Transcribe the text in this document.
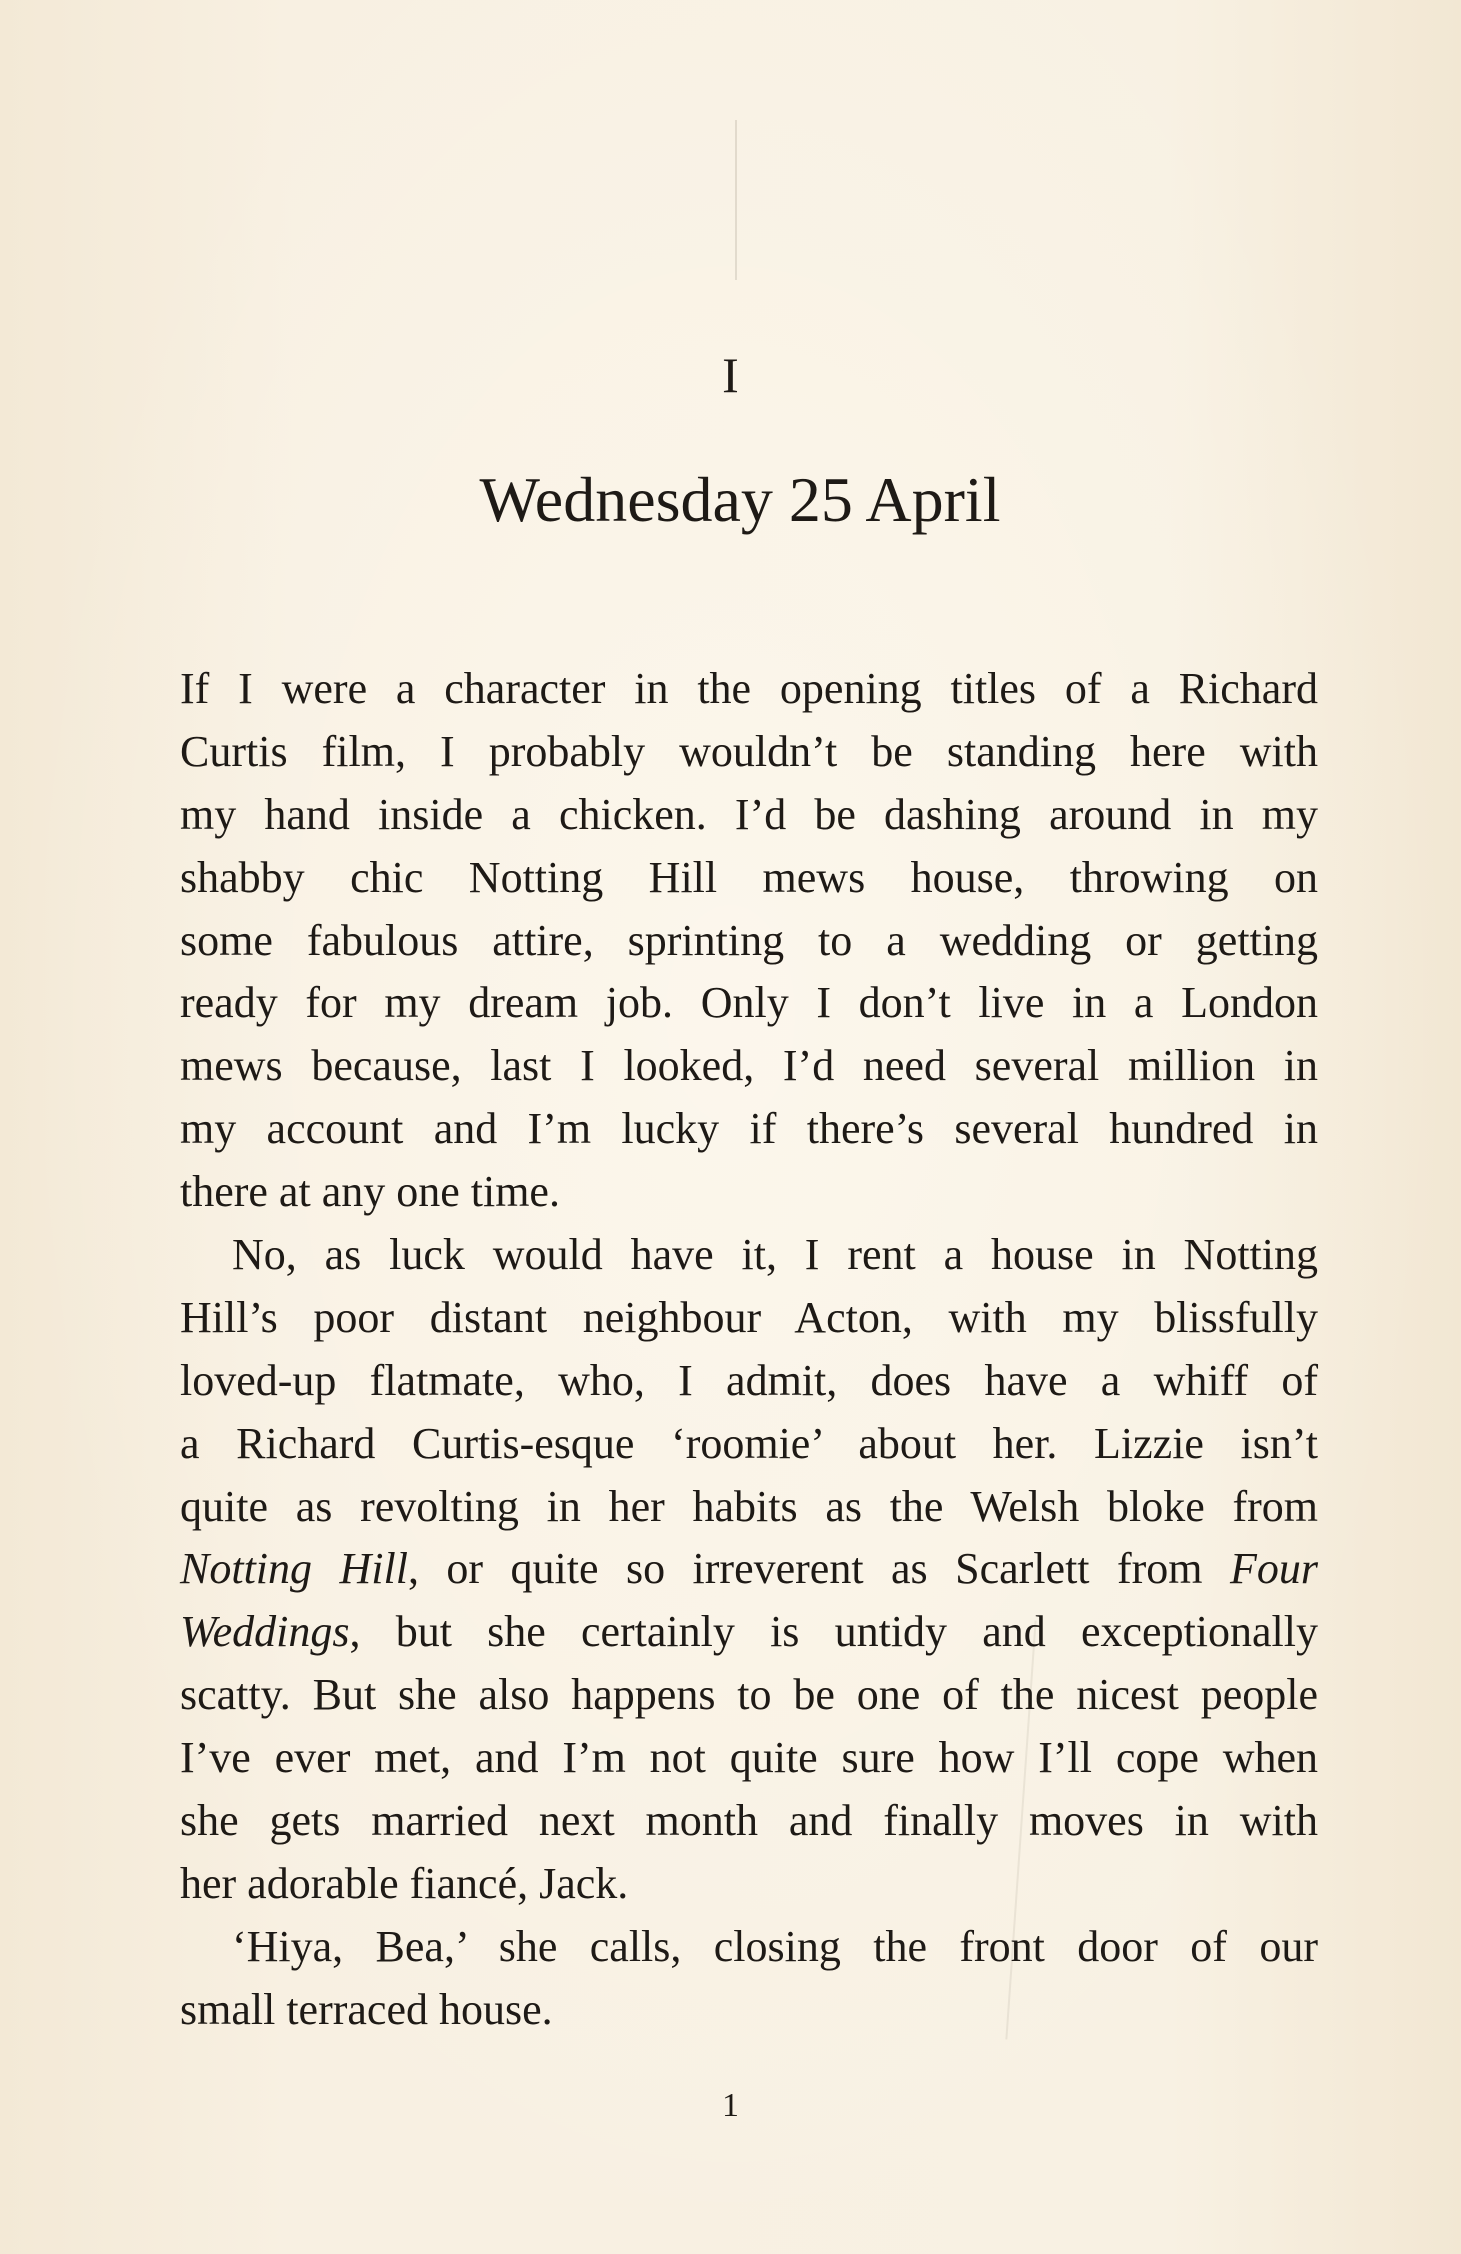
I
Wednesday 25 April
If I were a character in the opening titles of a Richard
Curtis film, I probably wouldn’t be standing here with
my hand inside a chicken. I’d be dashing around in my
shabby chic Notting Hill mews house, throwing on
some fabulous attire, sprinting to a wedding or getting
ready for my dream job. Only I don’t live in a London
mews because, last I looked, I’d need several million in
my account and I’m lucky if there’s several hundred in
there at any one time.
No, as luck would have it, I rent a house in Notting
Hill’s poor distant neighbour Acton, with my blissfully
loved-up flatmate, who, I admit, does have a whiff of
a Richard Curtis-esque ‘roomie’ about her. Lizzie isn’t
quite as revolting in her habits as the Welsh bloke from
Notting Hill, or quite so irreverent as Scarlett from Four
Weddings, but she certainly is untidy and exceptionally
scatty. But she also happens to be one of the nicest people
I’ve ever met, and I’m not quite sure how I’ll cope when
she gets married next month and finally moves in with
her adorable fiancé, Jack.
‘Hiya, Bea,’ she calls, closing the front door of our
small terraced house.
1
